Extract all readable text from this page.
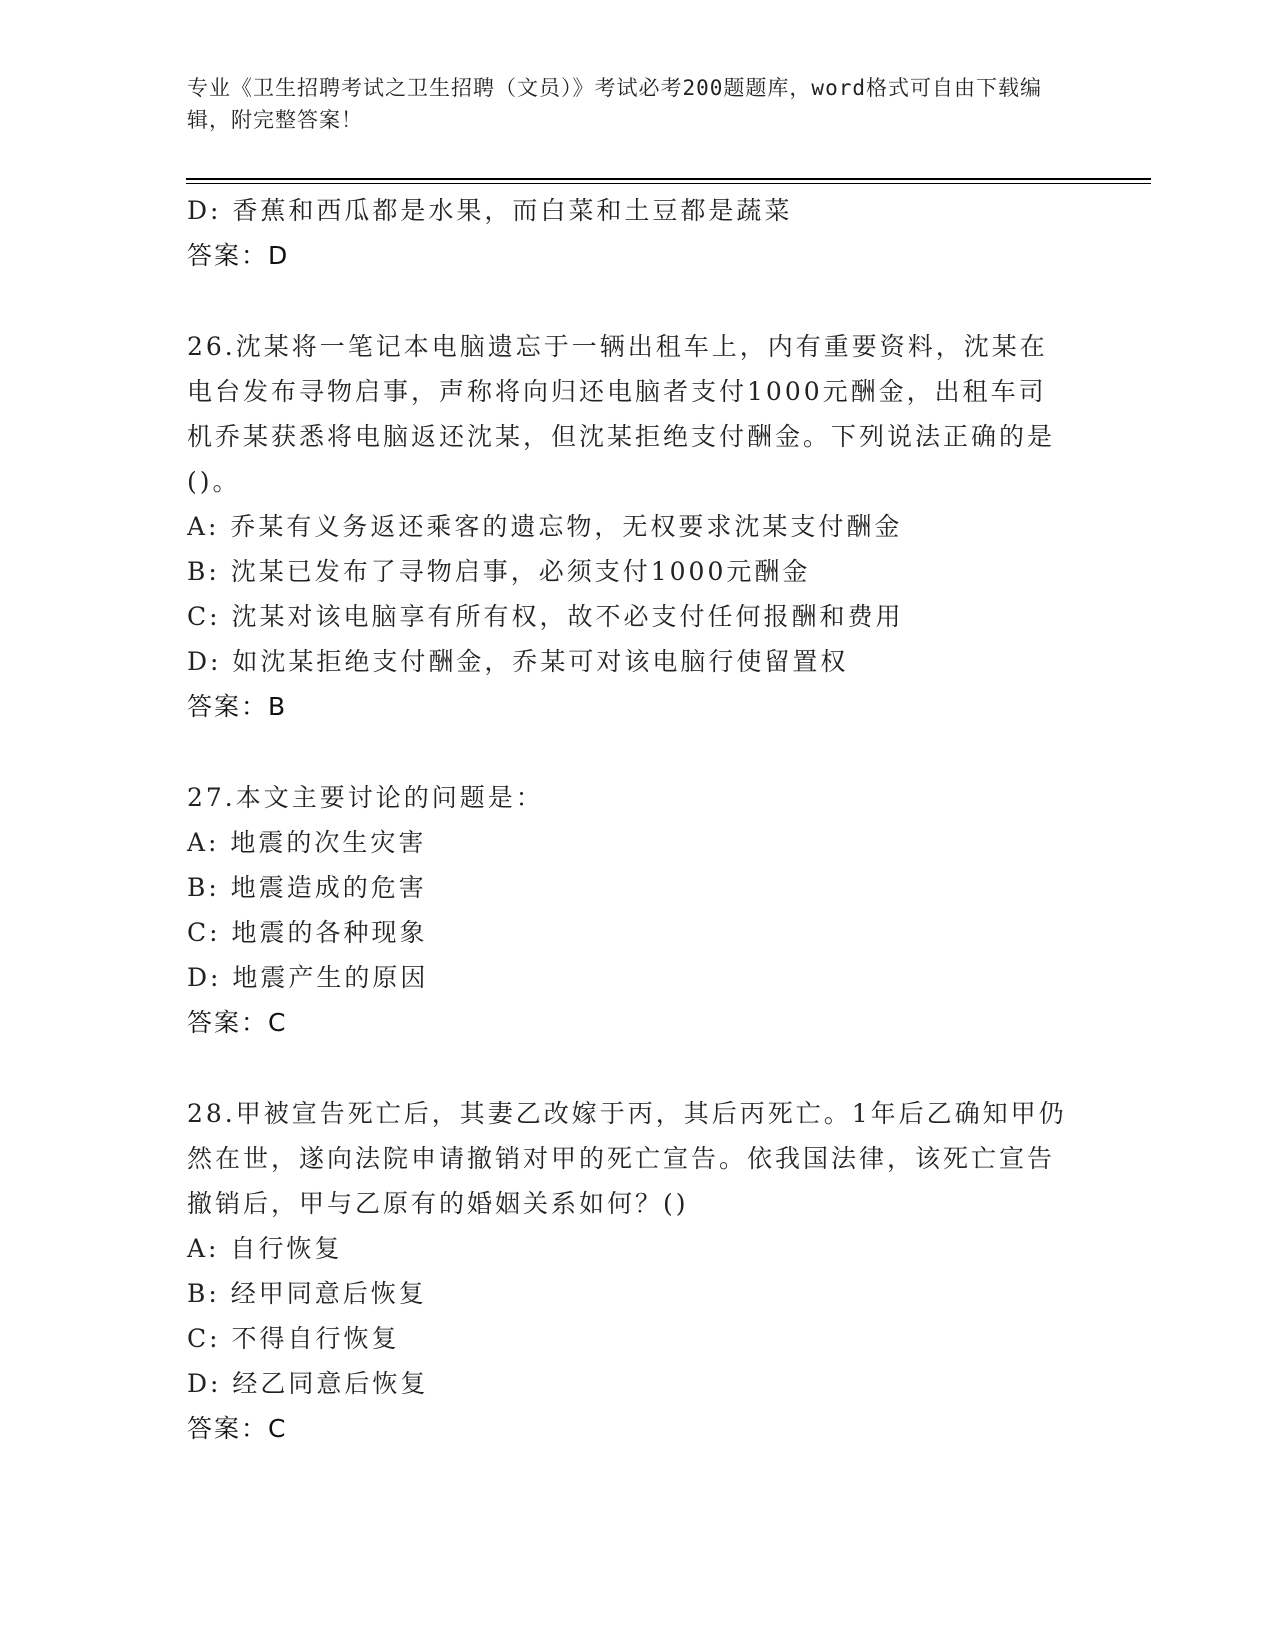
专业《卫生招聘考试之卫生招聘（文员）》考试必考200题题库，word格式可自由下载编辑，附完整答案！
D: 香蕉和西瓜都是水果，而白菜和土豆都是蔬菜
答案：D
26.沈某将一笔记本电脑遗忘于一辆出租车上，内有重要资料，沈某在电台发布寻物启事，声称将向归还电脑者支付1000元酬金，出租车司机乔某获悉将电脑返还沈某，但沈某拒绝支付酬金。下列说法正确的是()。
A: 乔某有义务返还乘客的遗忘物，无权要求沈某支付酬金
B: 沈某已发布了寻物启事，必须支付1000元酬金
C: 沈某对该电脑享有所有权，故不必支付任何报酬和费用
D: 如沈某拒绝支付酬金，乔某可对该电脑行使留置权
答案：B
27.本文主要讨论的问题是：
A: 地震的次生灾害
B: 地震造成的危害
C: 地震的各种现象
D: 地震产生的原因
答案：C
28.甲被宣告死亡后，其妻乙改嫁于丙，其后丙死亡。1年后乙确知甲仍然在世，遂向法院申请撤销对甲的死亡宣告。依我国法律，该死亡宣告撤销后，甲与乙原有的婚姻关系如何？()
A: 自行恢复
B: 经甲同意后恢复
C: 不得自行恢复
D: 经乙同意后恢复
答案：C
